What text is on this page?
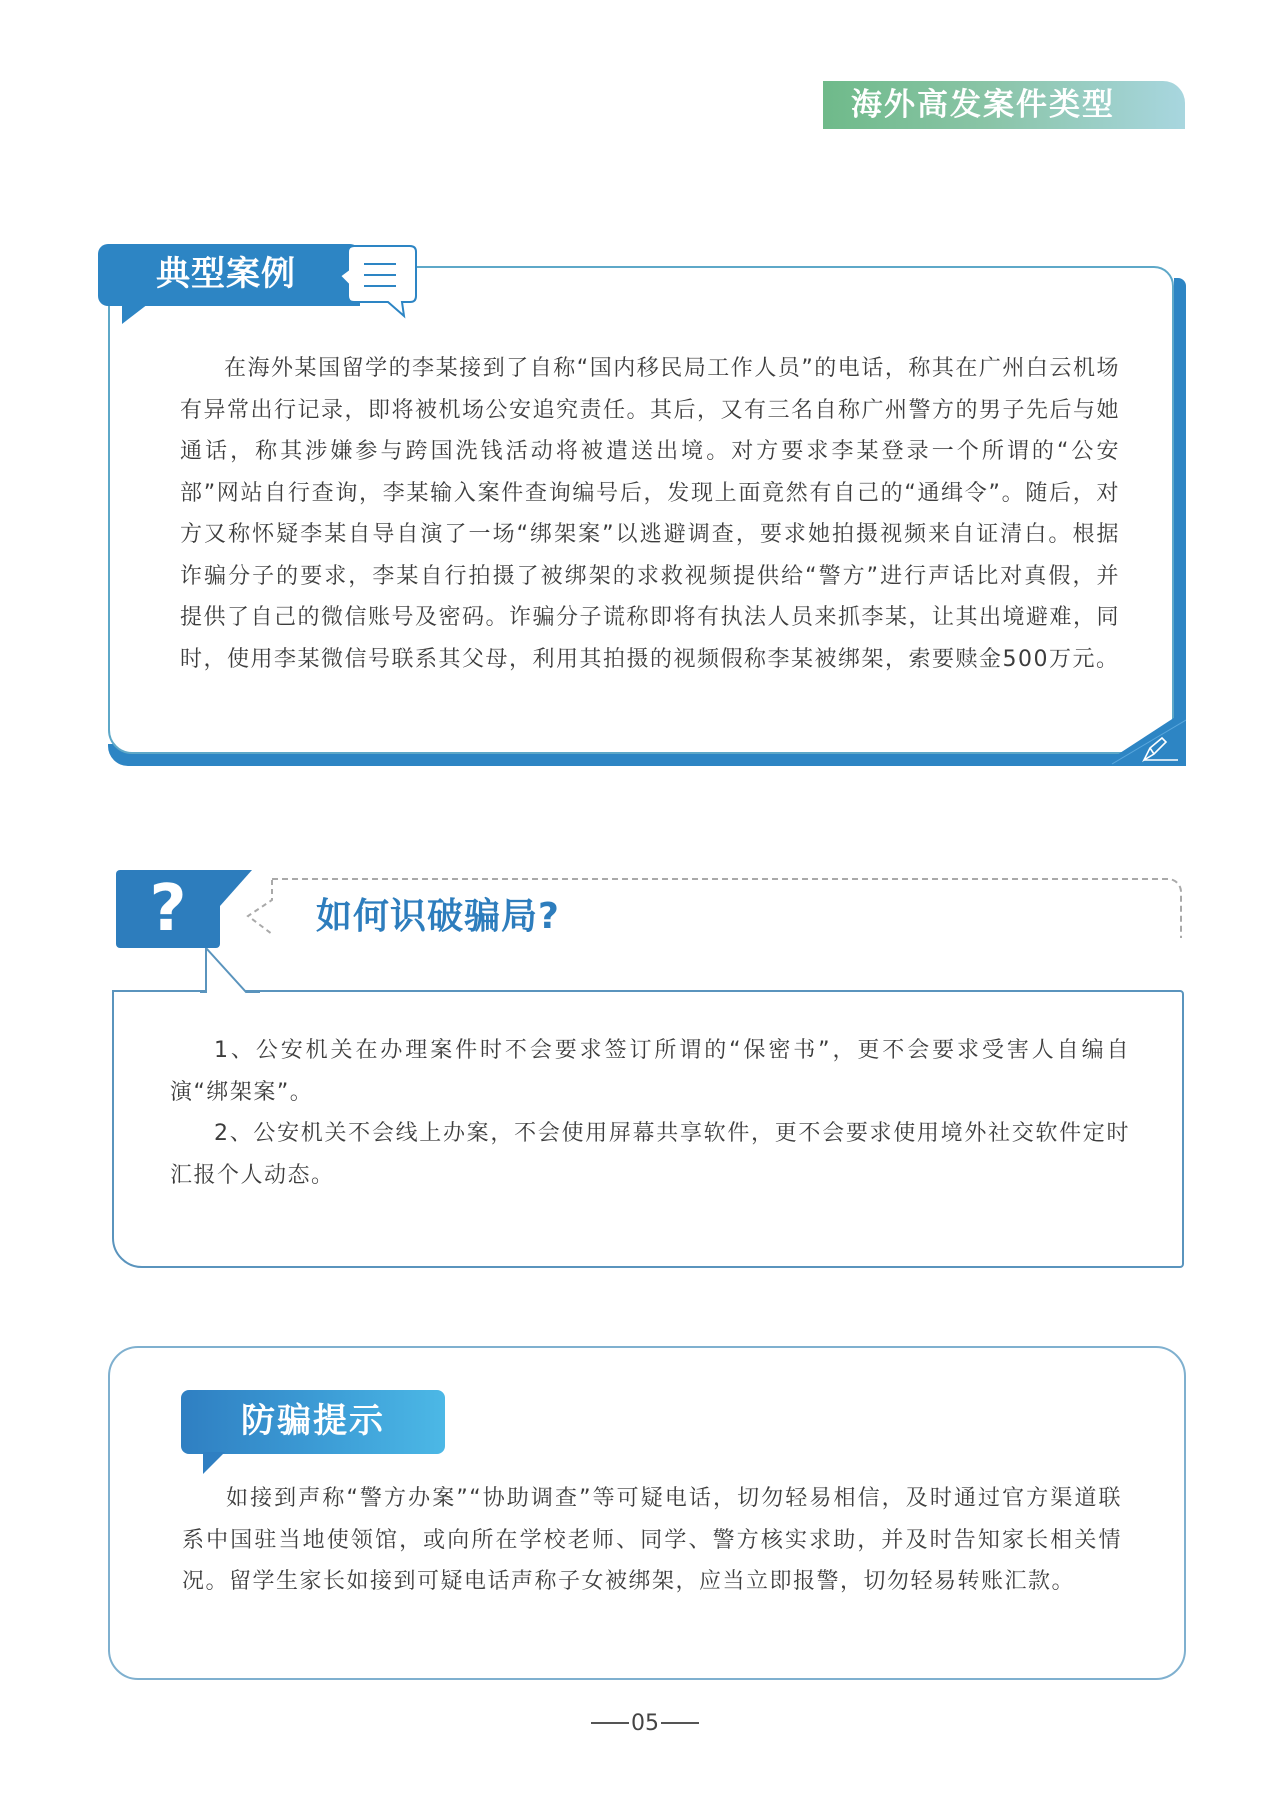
海外高发案件类型
典型案例

在海外某国留学的李某接到了自称“国内移民局工作人员”的电话，称其在广州白云机场有异常出行记录，即将被机场公安追究责任。其后，又有三名自称广州警方的男子先后与她通话，称其涉嫌参与跨国洗钱活动将被遣送出境。对方要求李某登录一个所谓的“公安部”网站自行查询，李某输入案件查询编号后，发现上面竟然有自己的“通缉令”。随后，对方又称怀疑李某自导自演了一场“绑架案”以逃避调查，要求她拍摄视频来自证清白。根据诈骗分子的要求，李某自行拍摄了被绑架的求救视频提供给“警方”进行声话比对真假，并提供了自己的微信账号及密码。诈骗分子谎称即将有执法人员来抓李某，让其出境避难，同时，使用李某微信号联系其父母，利用其拍摄的视频假称李某被绑架，索要赎金500万元。

?	如何识破骗局?

1、公安机关在办理案件时不会要求签订所谓的“保密书”，更不会要求受害人自编自演“绑架案”。

2、公安机关不会线上办案，不会使用屏幕共享软件，更不会要求使用境外社交软件定时汇报个人动态。

防骗提示

如接到声称“警方办案”“协助调查”等可疑电话，切勿轻易相信，及时通过官方渠道联系中国驻当地使领馆，或向所在学校老师、同学、警方核实求助，并及时告知家长相关情况。留学生家长如接到可疑电话声称子女被绑架，应当立即报警，切勿轻易转账汇款。

05
